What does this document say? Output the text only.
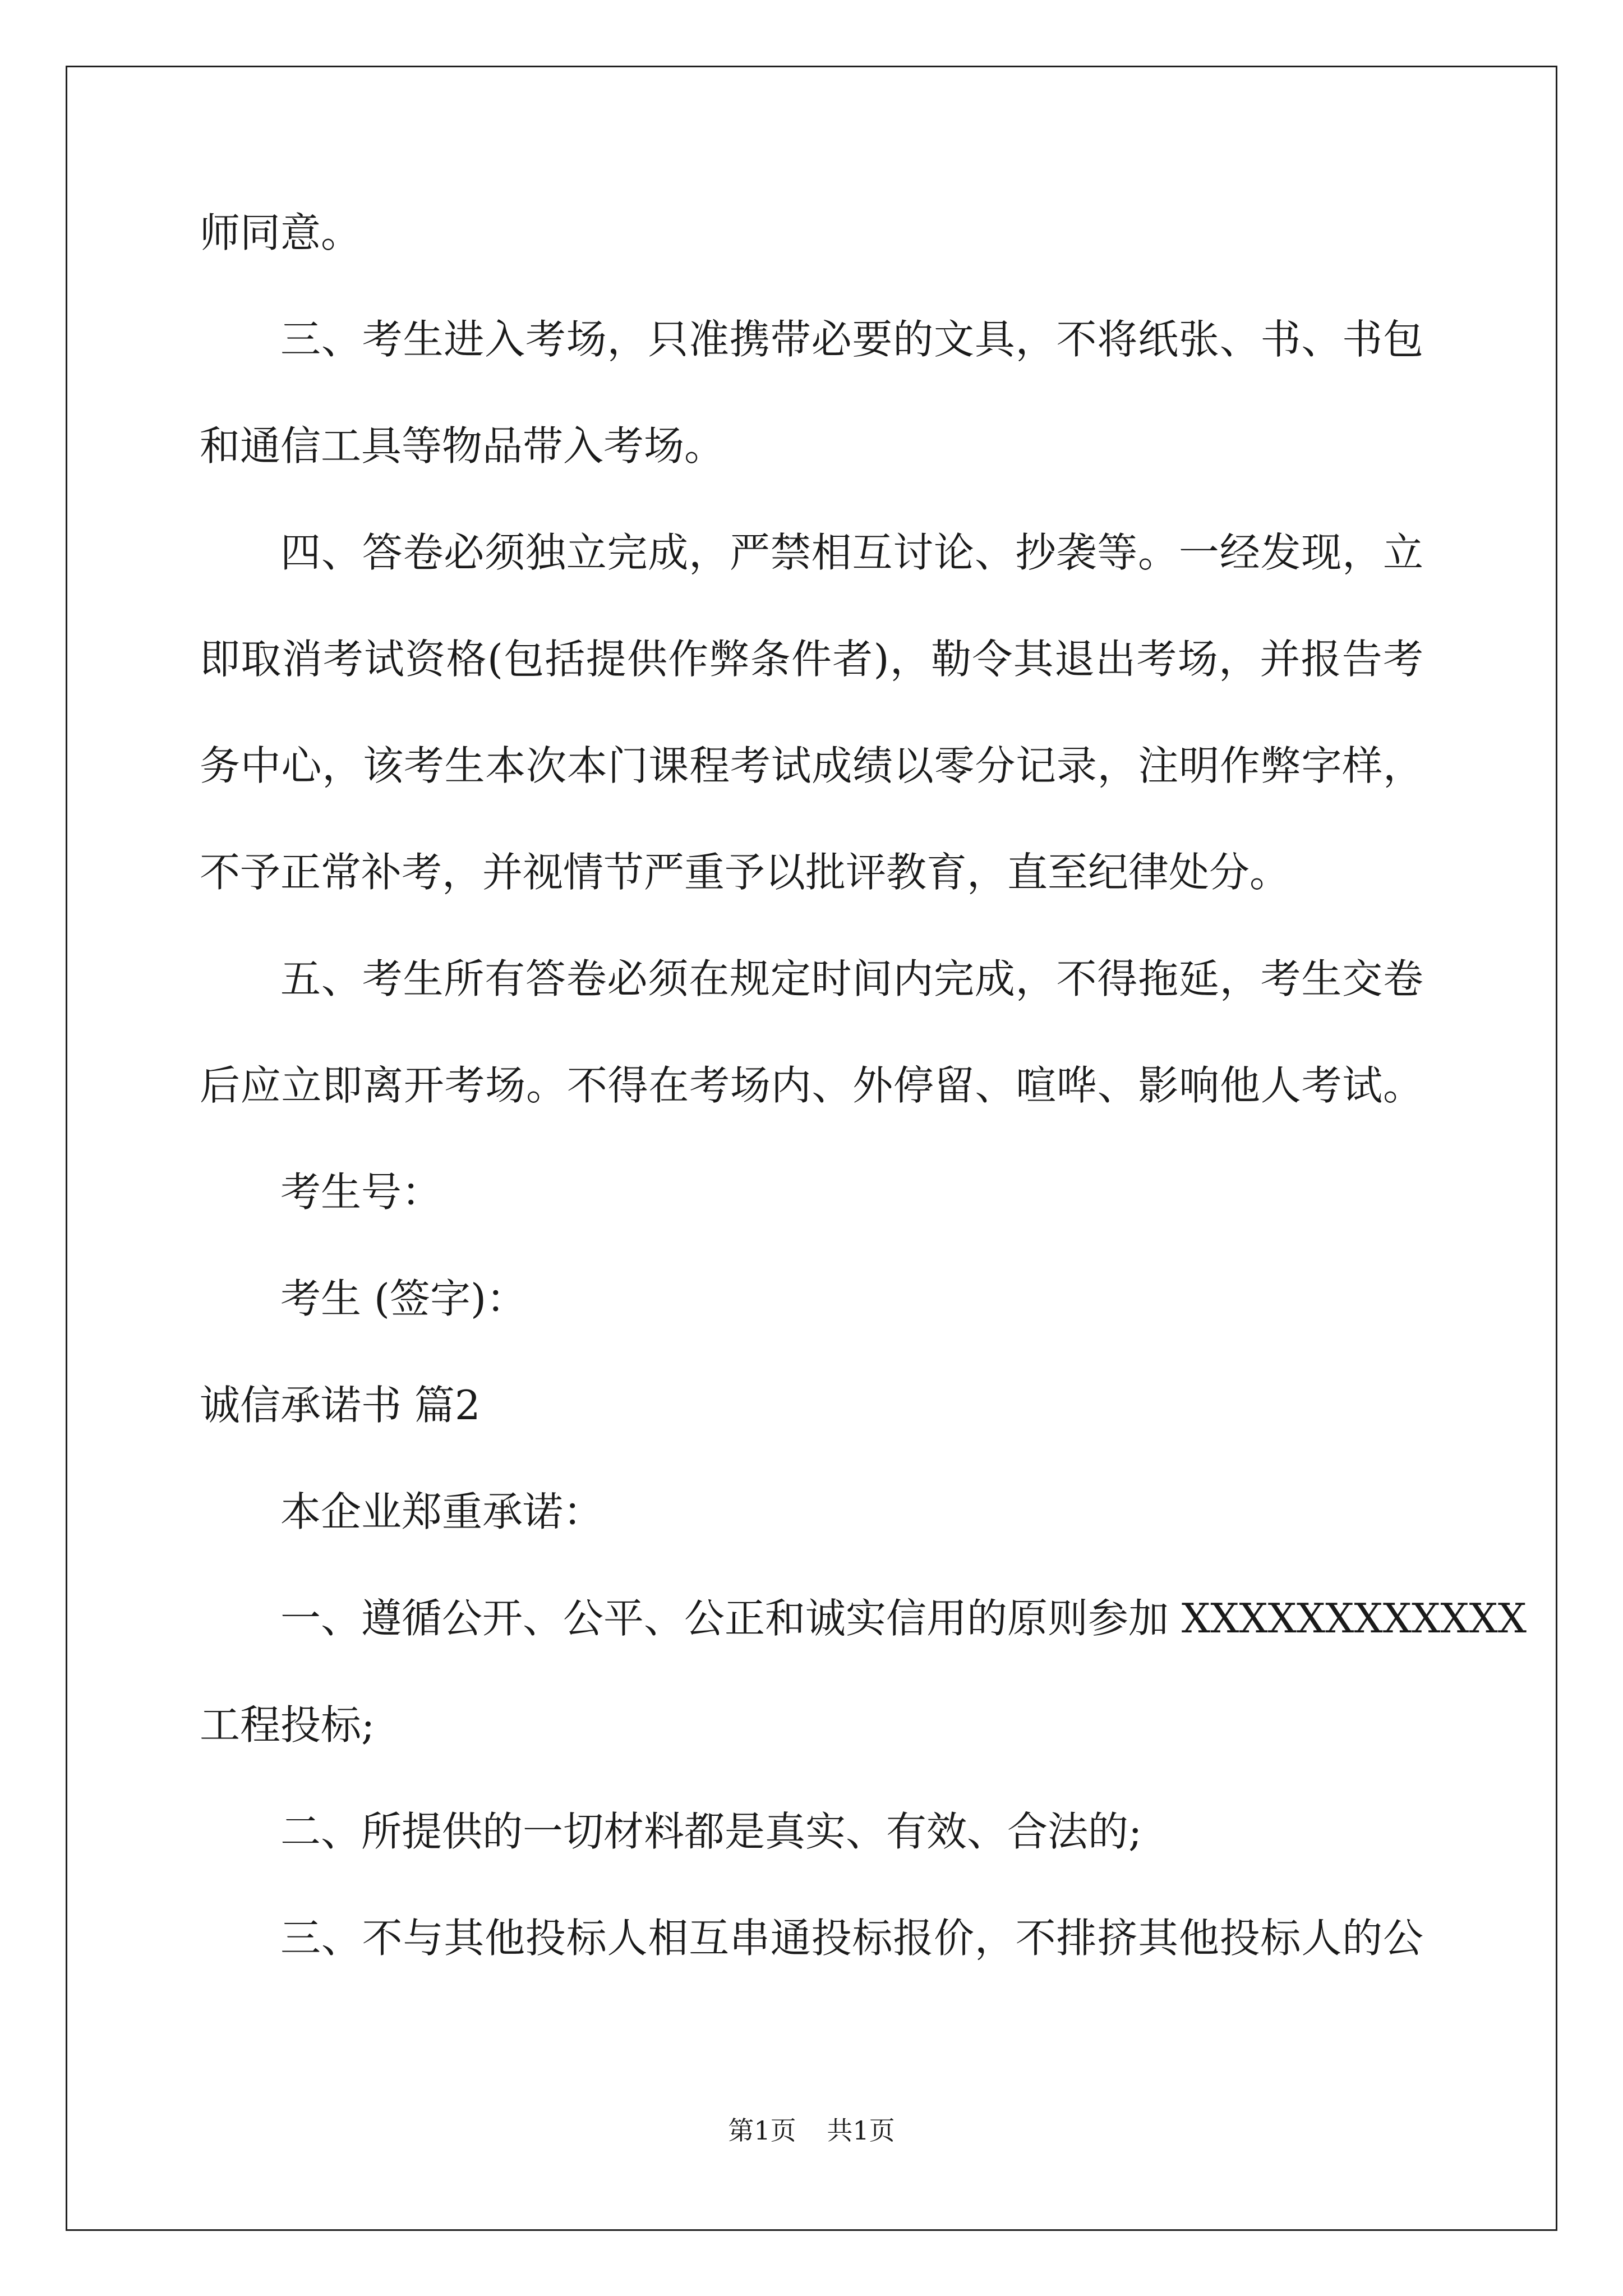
师同意。
三、考生进入考场，只准携带必要的文具，不将纸张、书、书包
和通信工具等物品带入考场。
四、答卷必须独立完成，严禁相互讨论、抄袭等。一经发现，立
即取消考试资格(包括提供作弊条件者)，勒令其退出考场，并报告考
务中心，该考生本次本门课程考试成绩以零分记录，注明作弊字样，
不予正常补考，并视情节严重予以批评教育，直至纪律处分。
五、考生所有答卷必须在规定时间内完成，不得拖延，考生交卷
后应立即离开考场。不得在考场内、外停留、喧哗、影响他人考试。
考生号：
考生 (签字)：
诚信承诺书 篇2
本企业郑重承诺：
一、遵循公开、公平、公正和诚实信用的原则参加 XXXXXXXXXXXX
工程投标;
二、所提供的一切材料都是真实、有效、合法的;
三、不与其他投标人相互串通投标报价，不排挤其他投标人的公
第1页 共1页
